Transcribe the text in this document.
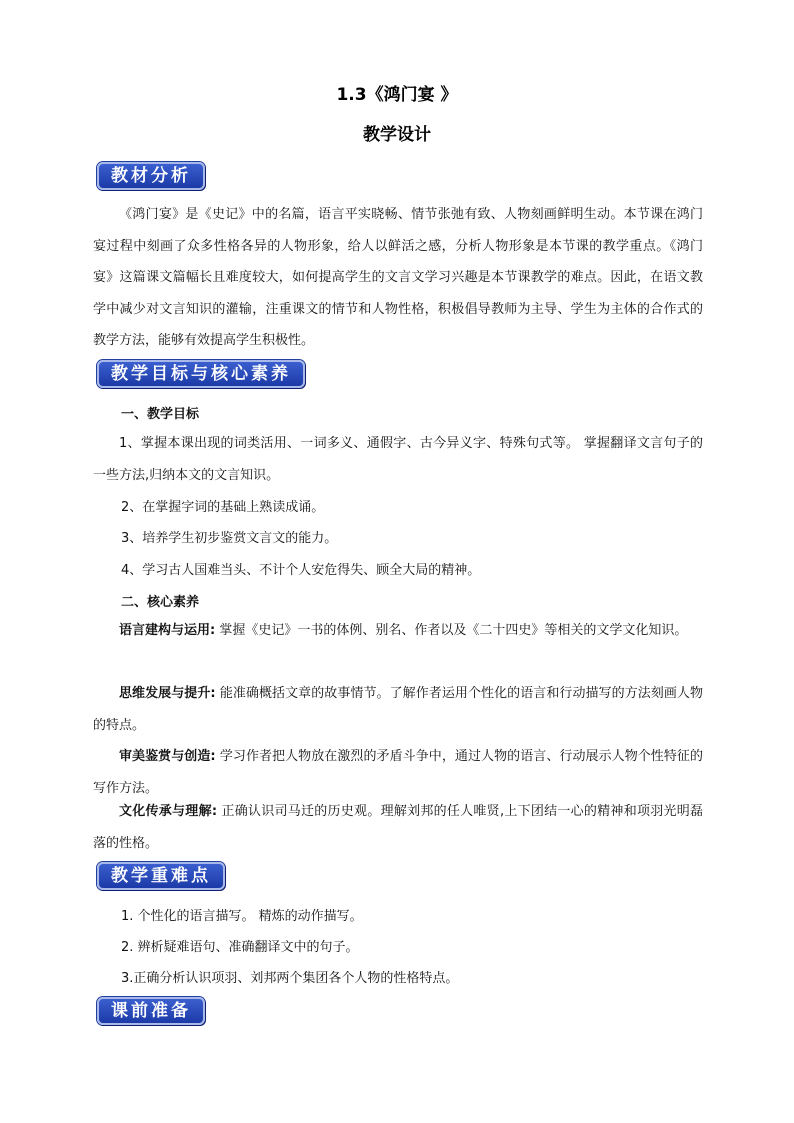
1.3《鸿门宴 》
教学设计
教材分析

《鸿门宴》是《史记》中的名篇，语言平实晓畅、情节张弛有致、人物刻画鲜明生动。本节课在鸿门宴过程中刻画了众多性格各异的人物形象，给人以鲜活之感，分析人物形象是本节课的教学重点。《鸿门宴》这篇课文篇幅长且难度较大，如何提高学生的文言文学习兴趣是本节课教学的难点。因此，在语文教学中减少对文言知识的灌输，注重课文的情节和人物性格，积极倡导教师为主导、学生为主体的合作式的教学方法，能够有效提高学生积极性。

教学目标与核心素养

一、教学目标

1、掌握本课出现的词类活用、一词多义、通假字、古今异义字、特殊句式等。 掌握翻译文言句子的一些方法,归纳本文的文言知识。

2、在掌握字词的基础上熟读成诵。

3、培养学生初步鉴赏文言文的能力。

4、学习古人国难当头、不计个人安危得失、顾全大局的精神。

二、核心素养

语言建构与运用: 掌握《史记》一书的体例、别名、作者以及《二十四史》等相关的文学文化知识。

思维发展与提升: 能准确概括文章的故事情节。了解作者运用个性化的语言和行动描写的方法刻画人物的特点。

审美鉴赏与创造: 学习作者把人物放在激烈的矛盾斗争中，通过人物的语言、行动展示人物个性特征的写作方法。

文化传承与理解: 正确认识司马迁的历史观。理解刘邦的任人唯贤,上下团结一心的精神和项羽光明磊落的性格。

教学重难点

1. 个性化的语言描写。 精炼的动作描写。

2. 辨析疑难语句、准确翻译文中的句子。

3.正确分析认识项羽、刘邦两个集团各个人物的性格特点。

课前准备
